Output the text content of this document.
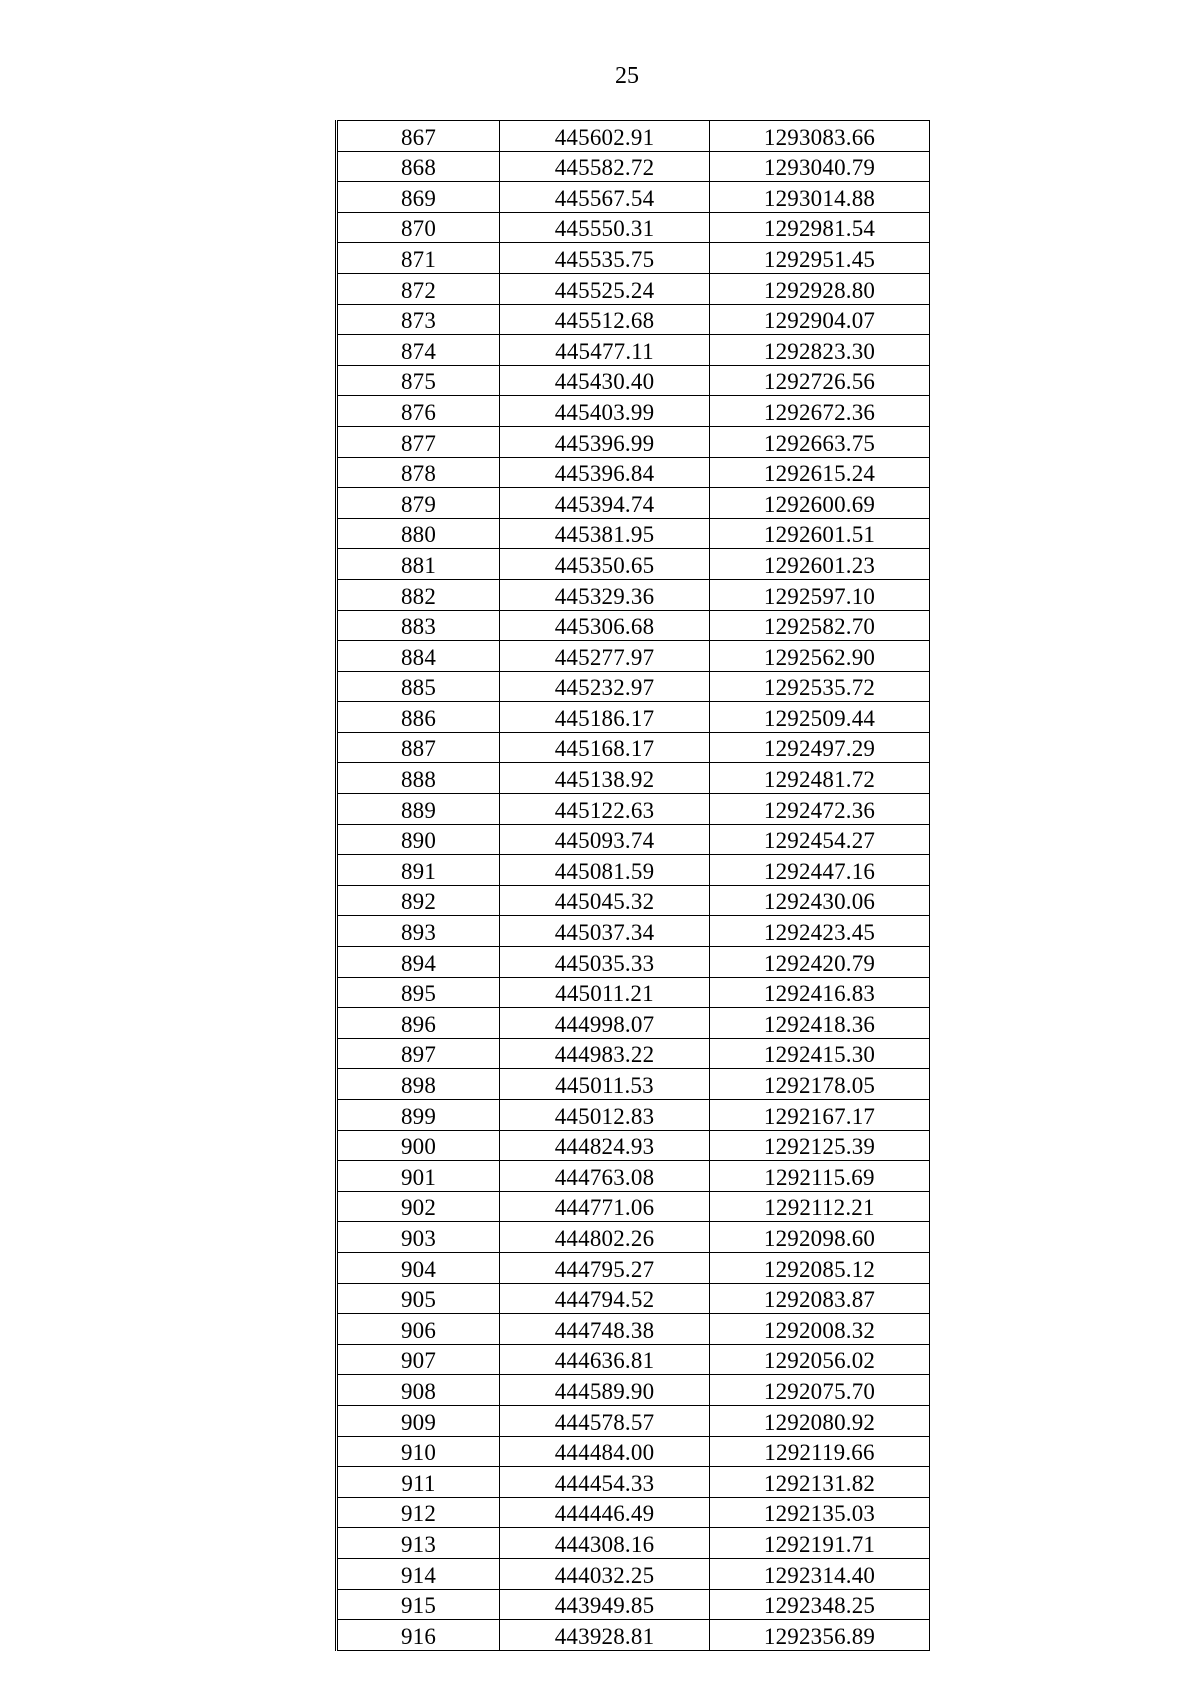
25
867	445602.91	1293083.66
868	445582.72	1293040.79
869	445567.54	1293014.88
870	445550.31	1292981.54
871	445535.75	1292951.45
872	445525.24	1292928.80
873	445512.68	1292904.07
874	445477.11	1292823.30
875	445430.40	1292726.56
876	445403.99	1292672.36
877	445396.99	1292663.75
878	445396.84	1292615.24
879	445394.74	1292600.69
880	445381.95	1292601.51
881	445350.65	1292601.23
882	445329.36	1292597.10
883	445306.68	1292582.70
884	445277.97	1292562.90
885	445232.97	1292535.72
886	445186.17	1292509.44
887	445168.17	1292497.29
888	445138.92	1292481.72
889	445122.63	1292472.36
890	445093.74	1292454.27
891	445081.59	1292447.16
892	445045.32	1292430.06
893	445037.34	1292423.45
894	445035.33	1292420.79
895	445011.21	1292416.83
896	444998.07	1292418.36
897	444983.22	1292415.30
898	445011.53	1292178.05
899	445012.83	1292167.17
900	444824.93	1292125.39
901	444763.08	1292115.69
902	444771.06	1292112.21
903	444802.26	1292098.60
904	444795.27	1292085.12
905	444794.52	1292083.87
906	444748.38	1292008.32
907	444636.81	1292056.02
908	444589.90	1292075.70
909	444578.57	1292080.92
910	444484.00	1292119.66
911	444454.33	1292131.82
912	444446.49	1292135.03
913	444308.16	1292191.71
914	444032.25	1292314.40
915	443949.85	1292348.25
916	443928.81	1292356.89
